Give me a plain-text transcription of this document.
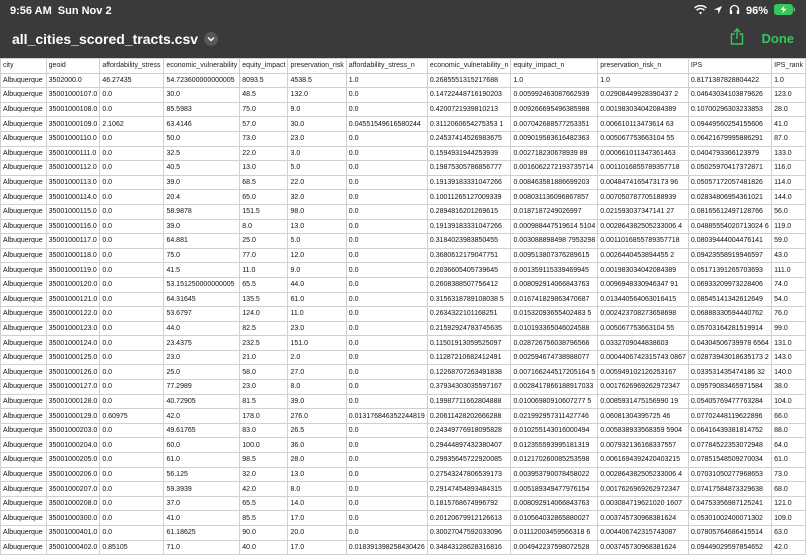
9:56 AM Sun Nov 2	96%
all_cities_scored_tracts.csv	Done
city	geoid	affordability_stress	economic_vulnerability	equity_impact	preservation_risk	affordability_stress_n	economic_vulnerability_n	equity_impact_n	preservation_risk_n	IPS	IPS_rank
Albuquerque	3502000.0	46.27435	54.723600000000005	8093.5	4538.5	1.0	0.2685551315217688	1.0	1.0	0.8171387828804422	1.0
Albuquerque	35001000107.0	0.0	30.0	48.5	132.0	0.0	0.14722448716190203	0.005992463087662939	0.02908449928390437 2	0.04643034103879626	123.0
Albuquerque	35001000108.0	0.0	85.5983	75.0	9.0	0.0	0.4200721939810213	0.009266695496385988	0.001983034042084389	0.10700296303233853	28.0
Albuquerque	35001000109.0	2.1062	63.4146	57.0	30.0	0.04551549616580244	0.3112060654275353 1	0.007042688577253351	0.006610113473614 63	0.09449560254155606	41.0
Albuquerque	35001000110.0	0.0	50.0	73.0	23.0	0.0	0.24537414526983675	0.009019583616482363	0.005067753663104 55	0.06421679995886291	87.0
Albuquerque	35001000111.0	0.0	32.5	22.0	3.0	0.0	0.1594931944253939	0.002718230678939 89	0.000661011347361463	0.0404793366123979	133.0
Albuquerque	35001000112.0	0.0	40.5	13.0	5.0	0.0	0.19875305786856777	0.0016062272193735714	0.0011016855789357718	0.05025970417372871	116.0
Albuquerque	35001000113.0	0.0	39.0	68.5	22.0	0.0	0.19139183331047266	0.008463581886699203	0.0048474165473173 96	0.05057172057481826	114.0
Albuquerque	35001000114.0	0.0	20.4	65.0	32.0	0.0	0.10011265127009339	0.008031136096867857	0.007050787705188939	0.02834806954361021	144.0
Albuquerque	35001000115.0	0.0	58.9878	151.5	98.0	0.0	0.2894816201269615	0.0187187249026997	0.021593037347141 27	0.08165612497128766	56.0
Albuquerque	35001000116.0	0.0	39.0	8.0	13.0	0.0	0.19139183331047266	0.000988447519614 5104	0.002864382505233006 4	0.04885554020713024 6	119.0
Albuquerque	35001000117.0	0.0	64.881	25.0	5.0	0.0	0.3184023983850455	0.003088898498 7953298	0.0011016855789357718	0.08039444004476141	59.0
Albuquerque	35001000118.0	0.0	75.0	77.0	12.0	0.0	0.3680612179047751	0.009513807376289615	0.0026440453894455 2	0.09423558919946597	43.0
Albuquerque	35001000119.0	0.0	41.5	11.0	9.0	0.0	0.2036605405739645	0.001359115339469945	0.001983034042084389	0.05171391265703693	111.0
Albuquerque	35001000120.0	0.0	53.151250000000005	65.5	44.0	0.0	0.2608388507756412	0.008092914066843763	0.0096948330946347 91	0.06933209973228406	74.0
Albuquerque	35001000121.0	0.0	64.31645	135.5	61.0	0.0	0.3156318789108038 5	0.016741829863470687	0.013440564063016415	0.08545141342612649	54.0
Albuquerque	35001000122.0	0.0	53.6797	124.0	11.0	0.0	0.2634322101168251	0.01532093655402483 5	0.002423708273658698	0.06888330594440762	76.0
Albuquerque	35001000123.0	0.0	44.0	82.5	23.0	0.0	0.21592924783745635	0.010193365046024588	0.005067753663104 55	0.05703164281519914	99.0
Albuquerque	35001000124.0	0.0	23.4375	232.5	151.0	0.0	0.11501913059525097	0.028726756038796566	0.0332709044838603	0.04304506739978 6564	131.0
Albuquerque	35001000125.0	0.0	23.0	21.0	2.0	0.0	0.11287210682412491	0.002594674738988077	0.0004406742315743 0867	0.02873943018635173 2	143.0
Albuquerque	35001000126.0	0.0	25.0	58.0	27.0	0.0	0.12268707263491838	0.007166244517205164 5	0.005949102126253167	0.033531435474186 32	140.0
Albuquerque	35001000127.0	0.0	77.2989	23.0	8.0	0.0	0.37934303035597167	0.0028417866188917033	0.0017626969262972347	0.09579083465971584	38.0
Albuquerque	35001000128.0	0.0	40.72905	81.5	39.0	0.0	0.19987711662804888	0.01006980910607277 5	0.0085931475156990 19	0.05405769477763284	104.0
Albuquerque	35001000129.0	0.60975	42.0	178.0	276.0	0.013176846352244819	0.20611428202666288	0.021992957311427746	0.06081304395725 46	0.07702448119622896	66.0
Albuquerque	35001000203.0	0.0	49.61765	83.0	26.5	0.0	0.24349776918095828	0.010255143016000494	0.005838933568359 5904	0.06416439381814752	88.0
Albuquerque	35001000204.0	0.0	60.0	100.0	36.0	0.0	0.29444897432380407	0.012355593995181319	0.007932136168337557	0.07784522353072948	64.0
Albuquerque	35001000205.0	0.0	61.0	98.5	28.0	0.0	0.29935645722920085	0.012170260085253598	0.0061694392420403215	0.07851548509270034	61.0
Albuquerque	35001000206.0	0.0	56.125	32.0	13.0	0.0	0.27543247806539173	0.003953790078458022	0.002864382505233006 4	0.07031050277968653	73.0
Albuquerque	35001000207.0	0.0	59.3939	42.0	8.0	0.0	0.29147454893484315	0.005189349477976154	0.0017626969262972347	0.07417584873329638	68.0
Albuquerque	35001000208.0	0.0	37.0	65.5	14.0	0.0	0.1815768674996792	0.008092914066843763	0.003084719621020 1607	0.04753356987125241	121.0
Albuquerque	35001000300.0	0.0	41.0	85.5	17.0	0.0	0.20120679912126613	0.010564032865880027	0.003745730968381624	0.05301002400071302	109.0
Albuquerque	35001000401.0	0.0	61.18625	90.0	20.0	0.0	0.30027047592033096	0.01112003459566318 6	0.004406742315743087	0.07805764686415514	63.0
Albuquerque	35001000402.0	0.85105	71.0	40.0	17.0	0.018391398258430426	0.34843128628316816	0.004942237598072528	0.003745730968381624	0.09449029597854652	42.0
